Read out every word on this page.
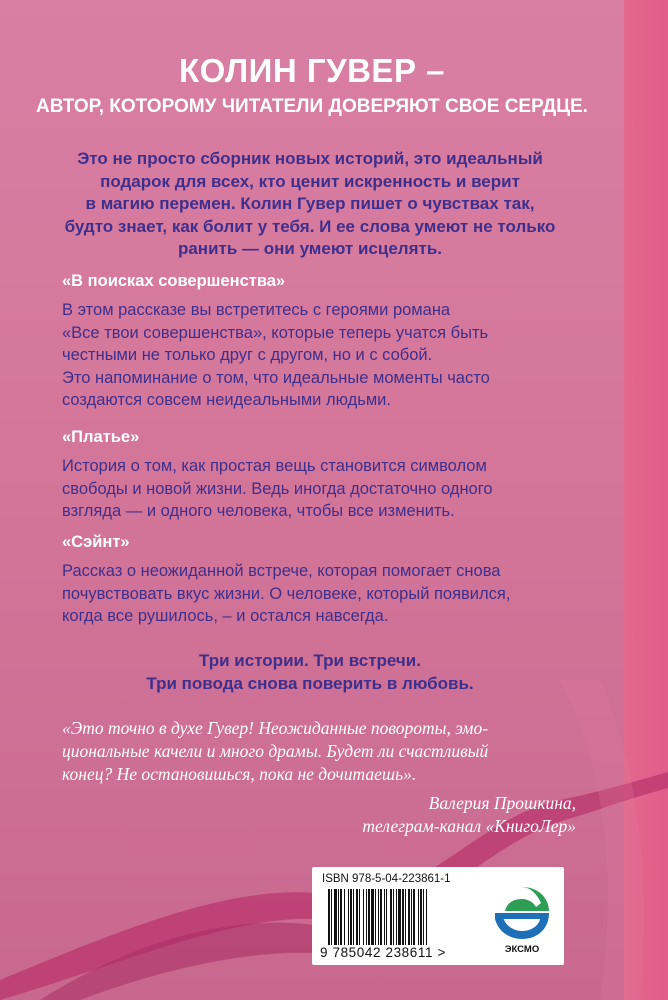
КОЛИН ГУВЕР –
АВТОР, КОТОРОМУ ЧИТАТЕЛИ ДОВЕРЯЮТ СВОЕ СЕРДЦЕ.
Это не просто сборник новых историй, это идеальный
подарок для всех, кто ценит искренность и верит
в магию перемен. Колин Гувер пишет о чувствах так,
будто знает, как болит у тебя. И ее слова умеют не только
ранить — они умеют исцелять.
«В поисках совершенства»
В этом рассказе вы встретитесь с героями романа
«Все твои совершенства», которые теперь учатся быть
честными не только друг с другом, но и с собой.
Это напоминание о том, что идеальные моменты часто
создаются совсем неидеальными людьми.
«Платье»
История о том, как простая вещь становится символом
свободы и новой жизни. Ведь иногда достаточно одного
взгляда — и одного человека, чтобы все изменить.
«Сэйнт»
Рассказ о неожиданной встрече, которая помогает снова
почувствовать вкус жизни. О человеке, который появился,
когда все рушилось, – и остался навсегда.
Три истории. Три встречи.
Три повода снова поверить в любовь.
«Это точно в духе Гувер! Неожиданные повороты, эмо-
циональные качели и много драмы. Будет ли счастливый
конец? Не остановишься, пока не дочитаешь».
Валерия Прошкина,
телеграм-канал «КнигоЛер»
ISBN 978-5-04-223861-1
9 785042 238611 >	ЭКСМО
